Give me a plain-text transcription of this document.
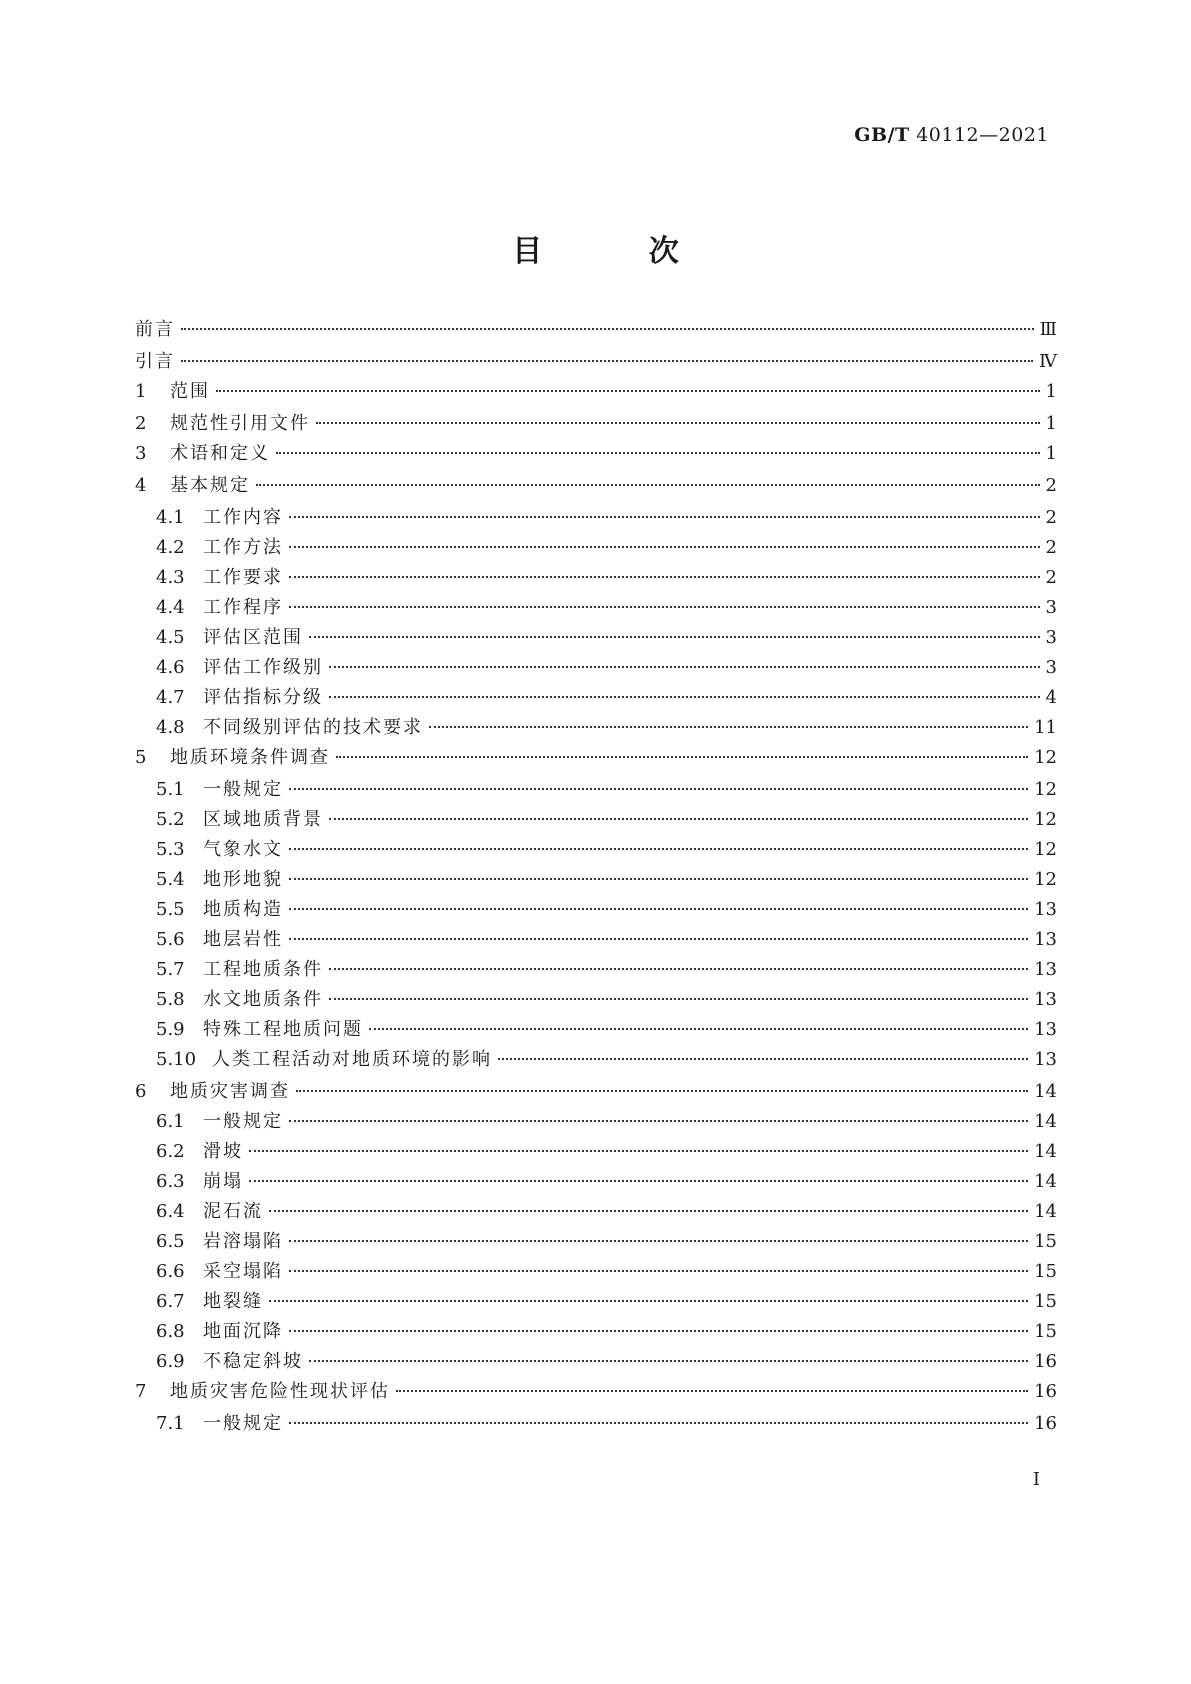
GB/T 40112—2021
目 次
前言	Ⅲ
引言	Ⅳ
1	范围	1
2	规范性引用文件	1
3	术语和定义	1
4	基本规定	2
4.1	工作内容	2
4.2	工作方法	2
4.3	工作要求	2
4.4	工作程序	3
4.5	评估区范围	3
4.6	评估工作级别	3
4.7	评估指标分级	4
4.8	不同级别评估的技术要求	11
5	地质环境条件调查	12
5.1	一般规定	12
5.2	区域地质背景	12
5.3	气象水文	12
5.4	地形地貌	12
5.5	地质构造	13
5.6	地层岩性	13
5.7	工程地质条件	13
5.8	水文地质条件	13
5.9	特殊工程地质问题	13
5.10 人类工程活动对地质环境的影响	13
6	地质灾害调查	14
6.1	一般规定	14
6.2	滑坡	14
6.3	崩塌	14
6.4	泥石流	14
6.5	岩溶塌陷	15
6.6	采空塌陷	15
6.7	地裂缝	15
6.8	地面沉降	15
6.9	不稳定斜坡	16
7	地质灾害危险性现状评估	16
7.1	一般规定	16
I
